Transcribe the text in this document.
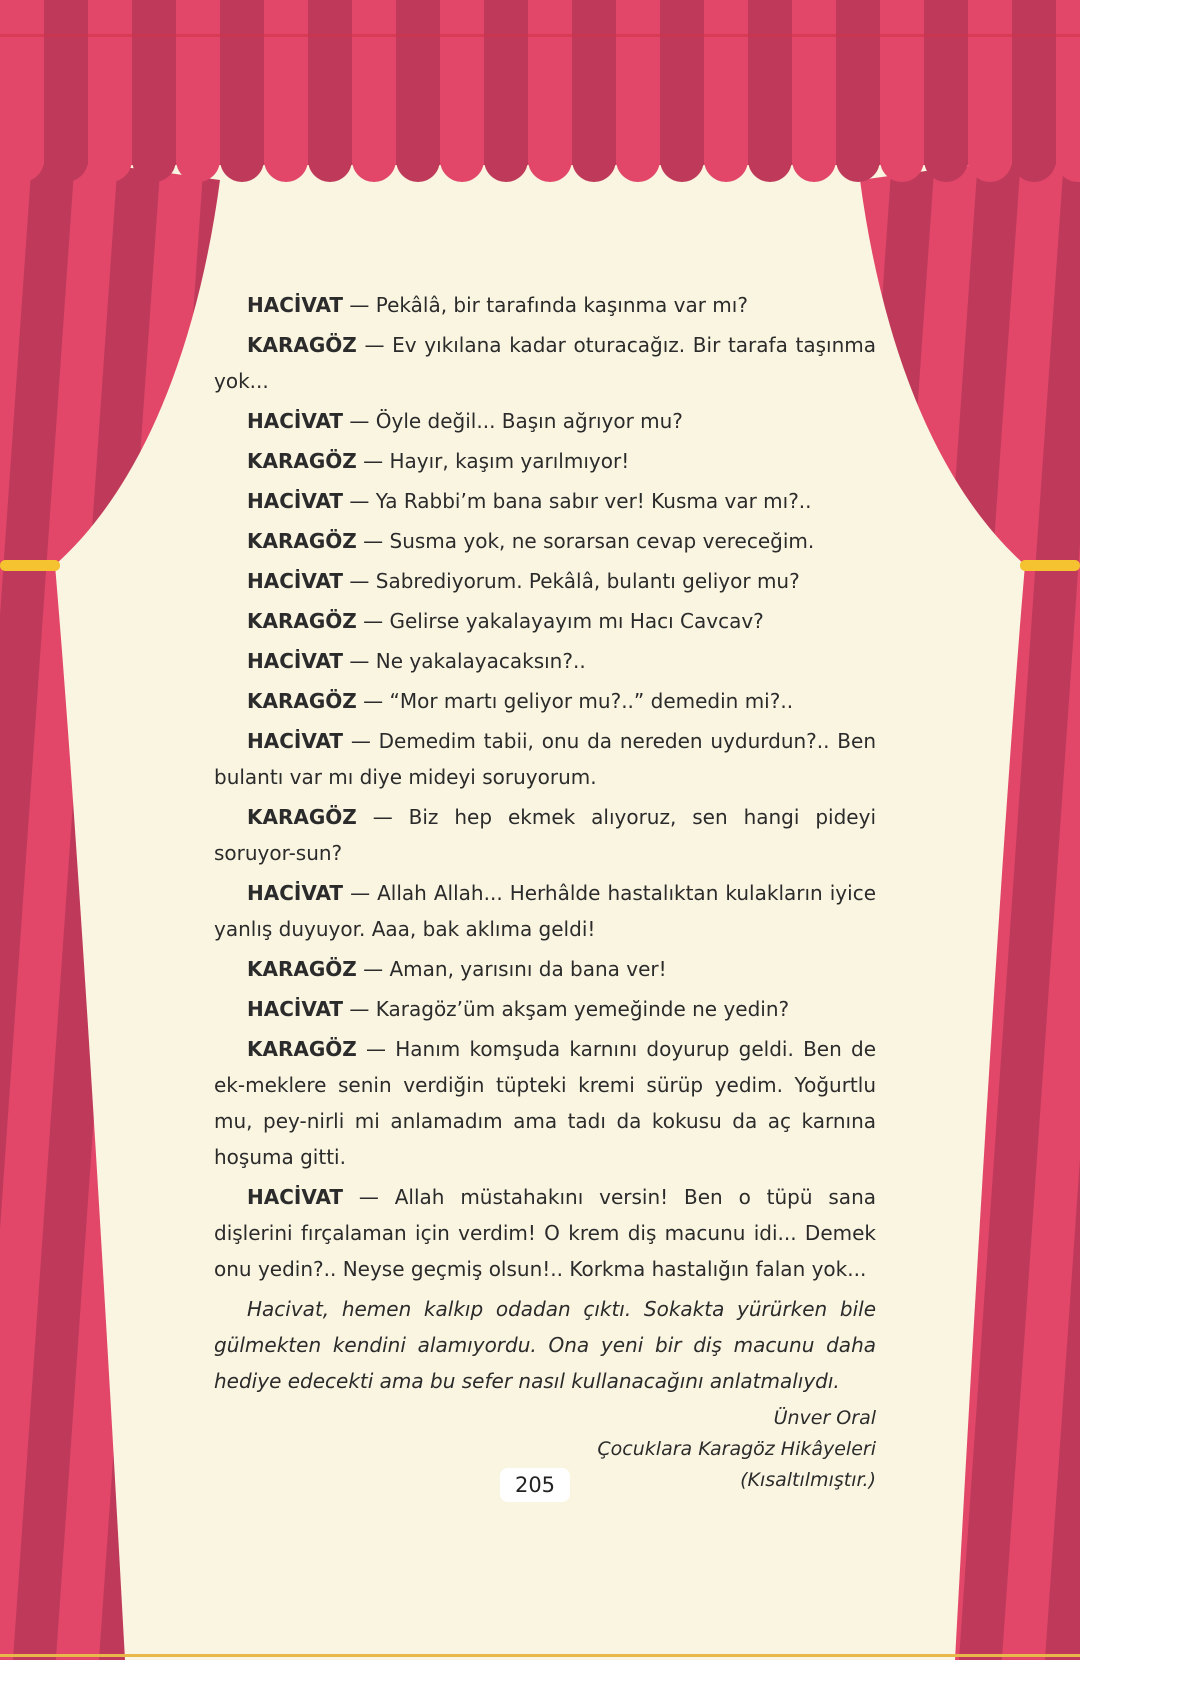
HACİVAT — Pekâlâ, bir tarafında kaşınma var mı?

KARAGÖZ — Ev yıkılana kadar oturacağız. Bir tarafa taşınma yok...

HACİVAT — Öyle değil... Başın ağrıyor mu?

KARAGÖZ — Hayır, kaşım yarılmıyor!

HACİVAT — Ya Rabbi’m bana sabır ver! Kusma var mı?..

KARAGÖZ — Susma yok, ne sorarsan cevap vereceğim.

HACİVAT — Sabrediyorum. Pekâlâ, bulantı geliyor mu?

KARAGÖZ — Gelirse yakalayayım mı Hacı Cavcav?

HACİVAT — Ne yakalayacaksın?..

KARAGÖZ — “Mor martı geliyor mu?..” demedin mi?..

HACİVAT — Demedim tabii, onu da nereden uydurdun?.. Ben bulantı var mı diye mideyi soruyorum.

KARAGÖZ — Biz hep ekmek alıyoruz, sen hangi pideyi soruyor-sun?

HACİVAT — Allah Allah... Herhâlde hastalıktan kulakların iyice yanlış duyuyor. Aaa, bak aklıma geldi!

KARAGÖZ — Aman, yarısını da bana ver!

HACİVAT — Karagöz’üm akşam yemeğinde ne yedin?

KARAGÖZ — Hanım komşuda karnını doyurup geldi. Ben de ek-meklere senin verdiğin tüpteki kremi sürüp yedim. Yoğurtlu mu, pey-nirli mi anlamadım ama tadı da kokusu da aç karnına hoşuma gitti.

HACİVAT — Allah müstahakını versin! Ben o tüpü sana dişlerini fırçalaman için verdim! O krem diş macunu idi... Demek onu yedin?.. Neyse geçmiş olsun!.. Korkma hastalığın falan yok...

Hacivat, hemen kalkıp odadan çıktı. Sokakta yürürken bile gülmekten kendini alamıyordu. Ona yeni bir diş macunu daha hediye edecekti ama bu sefer nasıl kullanacağını anlatmalıydı.

Ünver Oral
Çocuklara Karagöz Hikâyeleri
(Kısaltılmıştır.)
205
